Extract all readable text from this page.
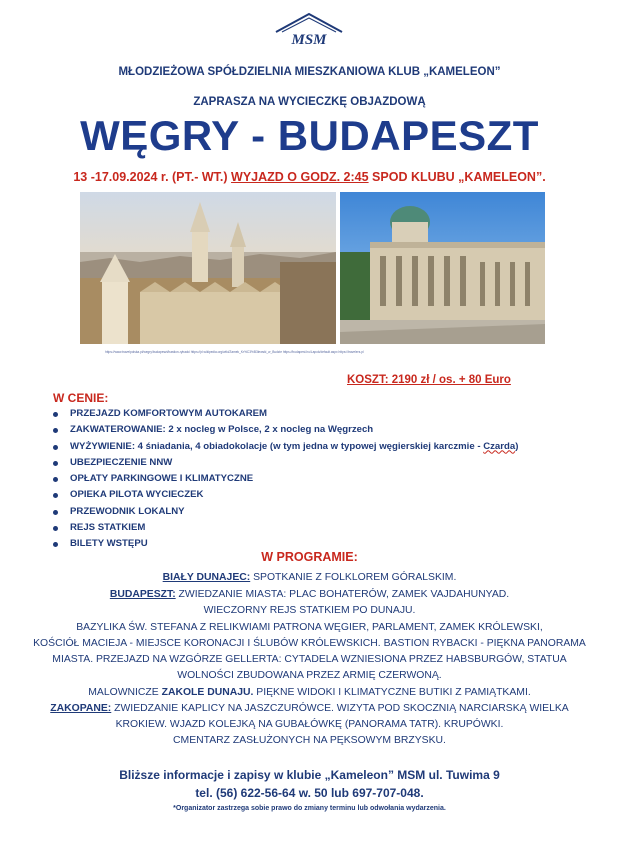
MSM
MŁODZIEŻOWA SPÓŁDZIELNIA MIESZKANIOWA KLUB „KAMELEON”
ZAPRASZA NA WYCIECZKĘ OBJAZDOWĄ
WĘGRY - BUDAPESZT
13 -17.09.2024 r. (PT.- WT.) WYJAZD O GODZ. 2:45 SPOD KLUBU „KAMELEON”.
https://www.travelpolska.pl/wegry/budapeszt/bastion-rybacki https://pl.wikipedia.org/wiki/Zamek_Kr%C3%B3lewski_w_Budzie https://budapest.hu/Lapok/default.aspx https://travelers.pl
KOSZT: 2190 zł / os. + 80 Euro
W CENIE:
PRZEJAZD KOMFORTOWYM AUTOKAREM
ZAKWATEROWANIE: 2 x nocleg w Polsce, 2 x nocleg na Węgrzech
WYŻYWIENIE: 4 śniadania, 4 obiadokolacje (w tym jedna w typowej węgierskiej karczmie - Czarda)
UBEZPIECZENIE NNW
OPŁATY PARKINGOWE I KLIMATYCZNE
OPIEKA PILOTA WYCIECZEK
PRZEWODNIK LOKALNY
REJS STATKIEM
BILETY WSTĘPU
W PROGRAMIE:
BIAŁY DUNAJEC: SPOTKANIE Z FOLKLOREM GÓRALSKIM.
BUDAPESZT: ZWIEDZANIE MIASTA: PLAC BOHATERÓW, ZAMEK VAJDAHUNYAD.
WIECZORNY REJS STATKIEM PO DUNAJU.
BAZYLIKA ŚW. STEFANA Z RELIKWIAMI PATRONA WĘGIER, PARLAMENT, ZAMEK KRÓLEWSKI,
KOŚCIÓŁ MACIEJA - MIEJSCE KORONACJI I ŚLUBÓW KRÓLEWSKICH. BASTION RYBACKI - PIĘKNA PANORAMA
MIASTA. PRZEJAZD NA WZGÓRZE GELLERTA: CYTADELA WZNIESIONA PRZEZ HABSBURGÓW, STATUA
WOLNOŚCI ZBUDOWANA PRZEZ ARMIĘ CZERWONĄ.
MALOWNICZE ZAKOLE DUNAJU. PIĘKNE WIDOKI I KLIMATYCZNE BUTIKI Z PAMIĄTKAMI.
ZAKOPANE: ZWIEDZANIE KAPLICY NA JASZCZURÓWCE. WIZYTA POD SKOCZNIĄ NARCIARSKĄ WIELKA
KROKIEW. WJAZD KOLEJKĄ NA GUBAŁÓWKĘ (PANORAMA TATR). KRUPÓWKI.
CMENTARZ ZASŁUŻONYCH NA PĘKSOWYM BRZYSKU.
Bliższe informacje i zapisy w klubie „Kameleon” MSM ul. Tuwima 9
tel. (56) 622-56-64 w. 50 lub 697-707-048.
*Organizator zastrzega sobie prawo do zmiany terminu lub odwołania wydarzenia.
